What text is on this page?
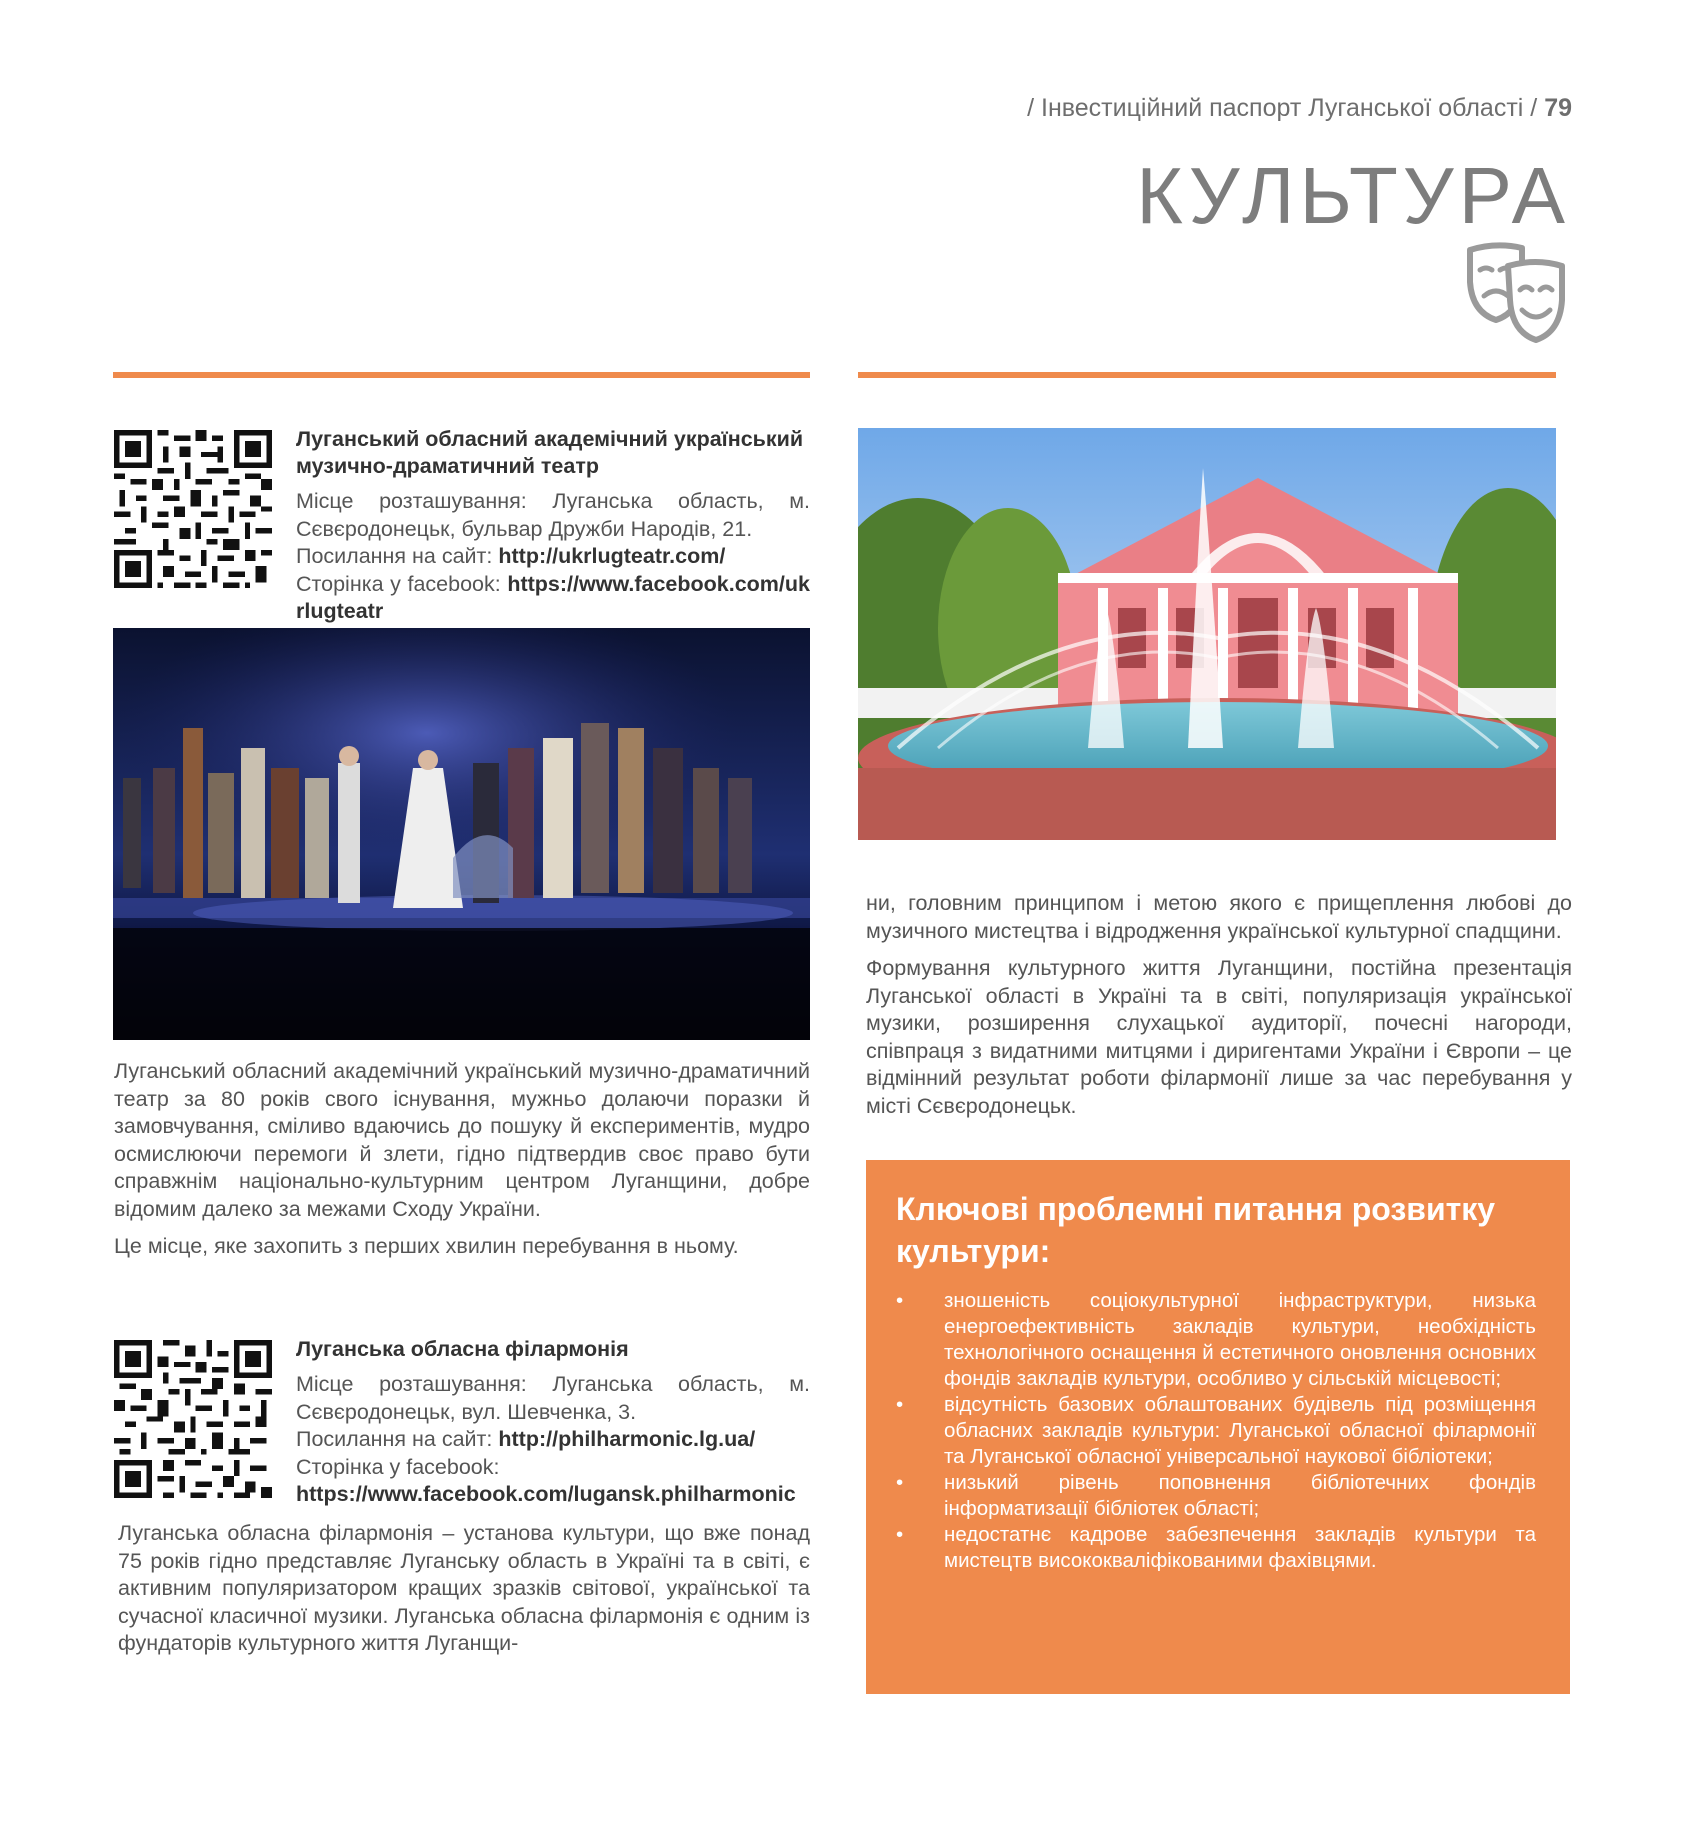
/ Інвестиційний паспорт Луганської області / 79
КУЛЬТУРА
Луганський обласний академічний український музично-драматичний театр
Місце розташування: Луганська область, м. Сєвєродонецьк, бульвар Дружби Народів, 21.
Посилання на сайт: http://ukrlugteatr.com/
Сторінка у facebook: https://www.facebook.com/ukrlugteatr

Луганський обласний академічний український музично-драматичний театр за 80 років свого існування, мужньо долаючи поразки й замовчування, сміливо вдаючись до пошуку й експериментів, мудро осмислюючи перемоги й злети, гідно підтвердив своє право бути справжнім національно-культурним центром Луганщини, добре відомим далеко за межами Сходу України.

Це місце, яке захопить з перших хвилин перебування в ньому.

Луганська обласна філармонія
Місце розташування: Луганська область, м. Сєвєродонецьк, вул. Шевченка, 3.
Посилання на сайт: http://philharmonic.lg.ua/
Сторінка у facebook:
https://www.facebook.com/lugansk.philharmonic

Луганська обласна філармонія – установа культури, що вже понад 75 років гідно представляє Луганську область в Україні та в світі, є активним популяризатором кращих зразків світової, української та сучасної класичної музики. Луганська обласна філармонія є одним із фундаторів культурного життя Луганщи-

ни, головним принципом і метою якого є прищеплення любові до музичного мистецтва і відродження української культурної спадщини.

Формування культурного життя Луганщини, постійна презентація Луганської області в Україні та в світі, популяризація української музики, розширення слухацької аудиторії, почесні нагороди, співпраця з видатними митцями і диригентами України і Європи – це відмінний результат роботи філармонії лише за час перебування у місті Сєвєродонецьк.

Ключові проблемні питання розвитку культури:
• зношеність соціокультурної інфраструктури, низька енергоефективність закладів культури, необхідність технологічного оснащення й естетичного оновлення основних фондів закладів культури, особливо у сільській місцевості;
• відсутність базових облаштованих будівель під розміщення обласних закладів культури: Луганської обласної філармонії та Луганської обласної універсальної наукової бібліотеки;
• низький рівень поповнення бібліотечних фондів інформатизації бібліотек області;
• недостатнє кадрове забезпечення закладів культури та мистецтв висококваліфікованими фахівцями.
